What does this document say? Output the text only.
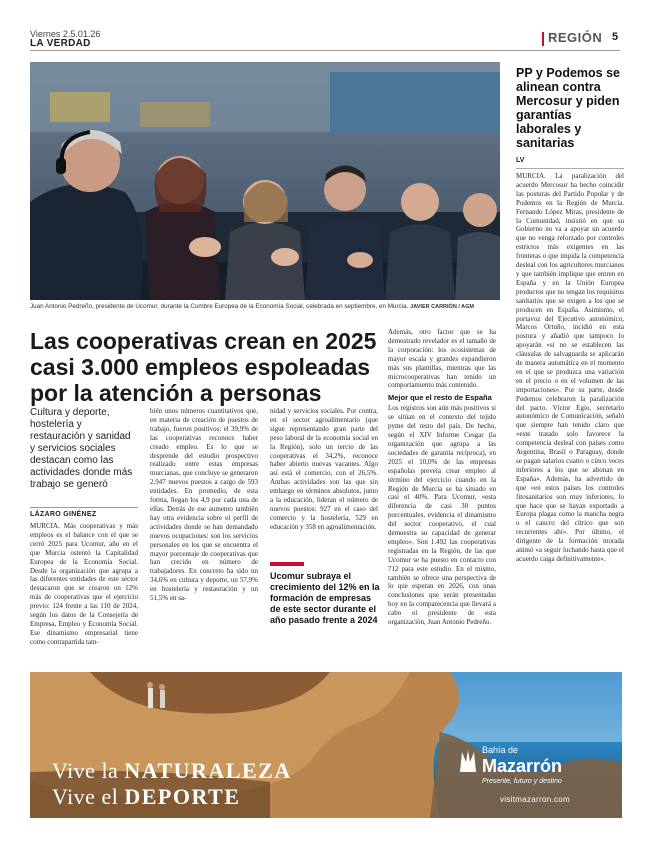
Viernes 2.5.01.26
LA VERDAD	REGIÓN 5
Juan Antonio Pedreño, presidente de Ucomur, durante la Cumbre Europea de la Economía Social, celebrada en septiembre, en Murcia. JAVIER CARRIÓN / AGM
PP y Podemos se alinean contra Mercosur y piden garantías laborales y sanitarias
LV
MURCIA. La paralización del acuerdo Mercosur ha hecho coincidir las posturas del Partido Popular y de Podemos en la Región de Murcia. Fernando López Miras, presidente de la Comunidad, insistió en que su Gobierno no va a apoyar un acuerdo que no venga reforzado por controles estrictos más exigentes en las fronteras o que impida la competencia desleal con los agricultores murcianos y que también implique que entren en España y en la Unión Europea productos que no tengan los requisitos sanitarios que se exigen a los que se producen en España. Asimismo, el portavoz del Ejecutivo autonómico, Marcos Ortuño, incidió en esta postura y añadió que tampoco lo apoyarán «si no se establecen las cláusulas de salvaguarda se aplicarán de manera automática en el momento en el que se produzca una variación en el precio o en el volumen de las importaciones». Por su parte, desde Podemos celebraron la paralización del pacto. Víctor Egío, secretario autonómico de Comunicación, señaló que siempre han tenido claro que «este tratado solo favorece la competencia desleal con países como Argentina, Brasil o Paraguay, donde se pagan salarios cuatro o cinco veces inferiores a los que se abonan en España». Además, ha advertido de que «en estos países los controles fitosanitarios son muy inferiores, lo que hace que se hayan exportado a Europa plagas como la mancha negra o el cancro del cítrico que son recurrentes ahí». Por último, el dirigente de la formación morada animó «a seguir luchando hasta que el acuerdo caiga definitivamente».
Las cooperativas crean en 2025 casi 3.000 empleos espoleadas por la atención a personas
Cultura y deporte, hostelería y restauración y sanidad y servicios sociales destacan como las actividades donde más trabajo se generó
LÁZARO GINÉNEZ
MURCIA. Más cooperativas y más empleos es el balance con el que se cerró 2025 para Ucomur, año en el que Murcia ostentó la Capitalidad Europea de la Economía Social. Desde la organización que agrupa a las diferentes entidades de este sector destacaron que se crearon un 12% más de cooperativas que el ejercicio previo: 124 frente a las 110 de 2024, según los datos de la Consejería de Empresa, Empleo y Economía Social. Ese dinamismo empresarial tiene como contrapartida tam-
bién unos números cuantitativos que, en materia de creación de puestos de trabajo, fueron positivos: el 39,9% de las cooperativas reconoce haber creado empleo. Es lo que se desprende del estudio prospectivo realizado entre estas empresas murcianas, que concluye se generaron 2.947 nuevos puestos a cargo de 593 entidades. En promedio, de esta forma, llegan los 4,9 por cada una de ellas. Detrás de ese aumento también hay otra evidencia sobre el perfil de actividades donde se han demandado nuevos ocupaciones: son los servicios personales en los que se encuentra el mayor porcentaje de cooperativas que han crecido en número de trabajadores. En concreto ha sido un 34,6% en cultura y deporte, un 57,9% en hostelería y restauración y un 51,5% en sa-
nidad y servicios sociales. Por contra, en el sector agroalimentario (que sigue representando gran parte del peso laboral de la economía social en la Región), solo un tercio de las cooperativas el 34,2%, reconoce haber abierto nuevas vacantes. Algo así está el comercio, con el 26,5%. Ambas actividades son las que sin embargo en términos absolutos, junto a la educación, lideran el número de nuevos puestos: 927 en el caso del comercio y la hostelería, 529 en educación y 358 en agroalimentación.
Ucomur subraya el crecimiento del 12% en la formación de empresas de este sector durante el año pasado frente a 2024
Además, otro factor que se ha demostrado revelador es el tamaño de la corporación: los ecosistemas de mayor escala y grandes expandieron más sus plantillas, mientras que las microcooperativas han tenido un comportamiento más contenido.
Mejor que el resto de España
Los registros son aún más positivos si se sitúan en el contexto del tejido pyme del resto del país. De hecho, según el XIV Informe Cesgar (la organización que agrupa a las sociedades de garantía recíproca), en 2025 el 10,0% de las empresas españolas preveía crear empleo al término del ejercicio cuando en la Región de Murcia se ha situado en casi el 40%. Para Ucomur, «esta diferencia de casi 30 puntos porcentuales, evidencia el dinamismo del sector cooperativo, el cual demuestra su capacidad de generar empleo». Son 1.492 las cooperativas registradas en la Región, de las que Ucomur se ha puesto en contacto con 712 para este estudio. En el mismo, también se ofrece una perspectiva de lo que esperan en 2026, con unas conclusiones que serán presentadas hoy en la comparecencia que llevará a cabo el presidente de esta organización, Juan Antonio Pedreño.
Vive la NATURALEZA
Vive el DEPORTE
Bahía de
Mazarrón
Presente, futuro y destino
visitmazarron.com
